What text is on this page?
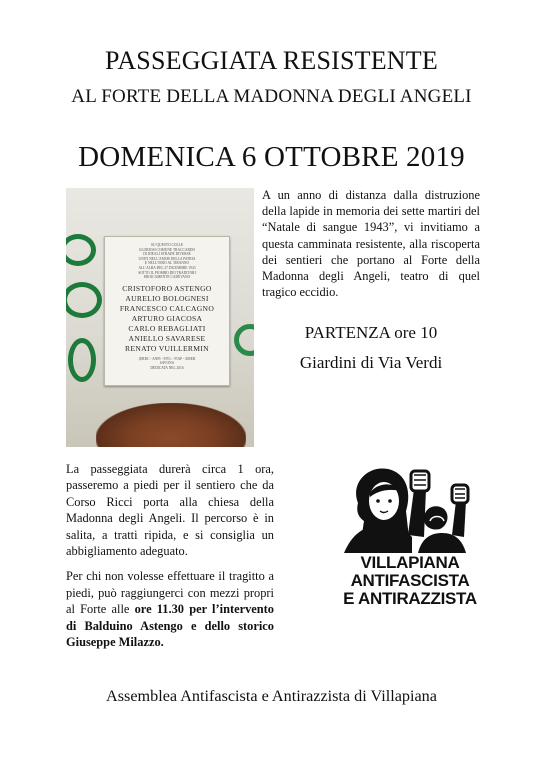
PASSEGGIATA RESISTENTE
AL FORTE DELLA MADONNA DEGLI ANGELI
DOMENICA 6 OTTOBRE 2019
SU QUESTO COLLE
GLORIOSI COMUNE TRACCARDO
DI IDEALI STRADE DIVERSE
UNITI NELL'AMOR DELLA PATRIA
E NELL'ODIO AL TIRANNO
ALL'ALBA DEL 27 DICEMBRE 1943
SOTTO IL PIOMBO DEI TRADITORI
EROICAMENTE CADEVANO
CRISTOFORO ASTENGO
AURELIO BOLOGNESI
FRANCESCO CALCAGNO
ARTURO GIACOSA
CARLO REBAGLIATI
ANIELLO SAVARESE
RENATO VUILLERMIN
(ERRC - ANPI - FIVL - FIAP - AMEB
SAVONA
DEDICATA NEL 2016

A un anno di distanza dalla distruzione della lapide in memoria dei sette martiri del “Natale di sangue 1943”, vi invitiamo a questa camminata resistente, alla riscoperta dei sentieri che portano al Forte della Madonna degli Angeli, teatro di quel tragico eccidio.

PARTENZA ore 10
Giardini di Via Verdi

La passeggiata durerà circa 1 ora, passeremo a piedi per il sentiero che da Corso Ricci porta alla chiesa della Madonna degli Angeli. Il percorso è in salita, a tratti ripida, e si consiglia un abbigliamento adeguato.

Per chi non volesse effettuare il tragitto a piedi, può raggiungerci con mezzi propri al Forte alle ore 11.30 per l’intervento di Balduino Astengo e dello storico Giuseppe Milazzo.

VILLAPIANA
ANTIFASCISTA
E ANTIRAZZISTA

Assemblea Antifascista e Antirazzista di Villapiana
